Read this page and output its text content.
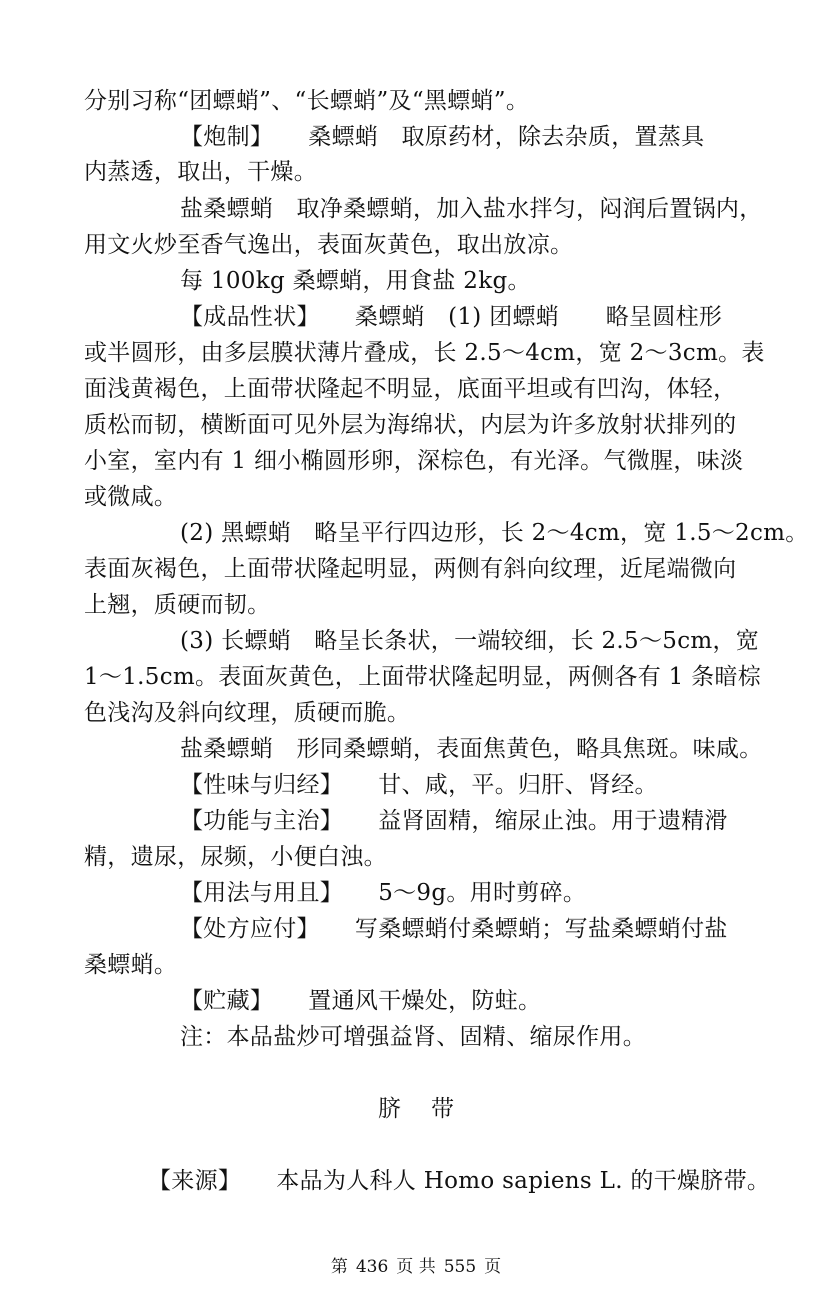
分别习称“团螵蛸”、“长螵蛸”及“黑螵蛸”。
【炮制】　　桑螵蛸　取原药材，除去杂质，置蒸具
内蒸透，取出，干燥。
盐桑螵蛸　取净桑螵蛸，加入盐水拌匀，闷润后置锅内，
用文火炒至香气逸出，表面灰黄色，取出放凉。
每 100kg 桑螵蛸，用食盐 2kg。
【成品性状】　　桑螵蛸　(1) 团螵蛸　　略呈圆柱形
或半圆形，由多层膜状薄片叠成，长 2.5～4cm，宽 2～3cm。表
面浅黄褐色，上面带状隆起不明显，底面平坦或有凹沟，体轻，
质松而韧，横断面可见外层为海绵状，内层为许多放射状排列的
小室，室内有 1 细小椭圆形卵，深棕色，有光泽。气微腥，味淡
或微咸。
(2) 黑螵蛸　略呈平行四边形，长 2～4cm，宽 1.5～2cm。
表面灰褐色，上面带状隆起明显，两侧有斜向纹理，近尾端微向
上翘，质硬而韧。
(3) 长螵蛸　略呈长条状，一端较细，长 2.5～5cm，宽
1～1.5cm。表面灰黄色，上面带状隆起明显，两侧各有 1 条暗棕
色浅沟及斜向纹理，质硬而脆。
盐桑螵蛸　形同桑螵蛸，表面焦黄色，略具焦斑。味咸。
【性味与归经】　　甘、咸，平。归肝、肾经。
【功能与主治】　　益肾固精，缩尿止浊。用于遗精滑
精，遗尿，尿频，小便白浊。
【用法与用且】　　5～9g。用时剪碎。
【处方应付】　　写桑螵蛸付桑螵蛸；写盐桑螵蛸付盐
桑螵蛸。
【贮藏】　　置通风干燥处，防蛀。
注：本品盐炒可增强益肾、固精、缩尿作用。
脐带
【来源】　　本品为人科人 Homo sapiens L. 的干燥脐带。
第 436 页 共 555 页
